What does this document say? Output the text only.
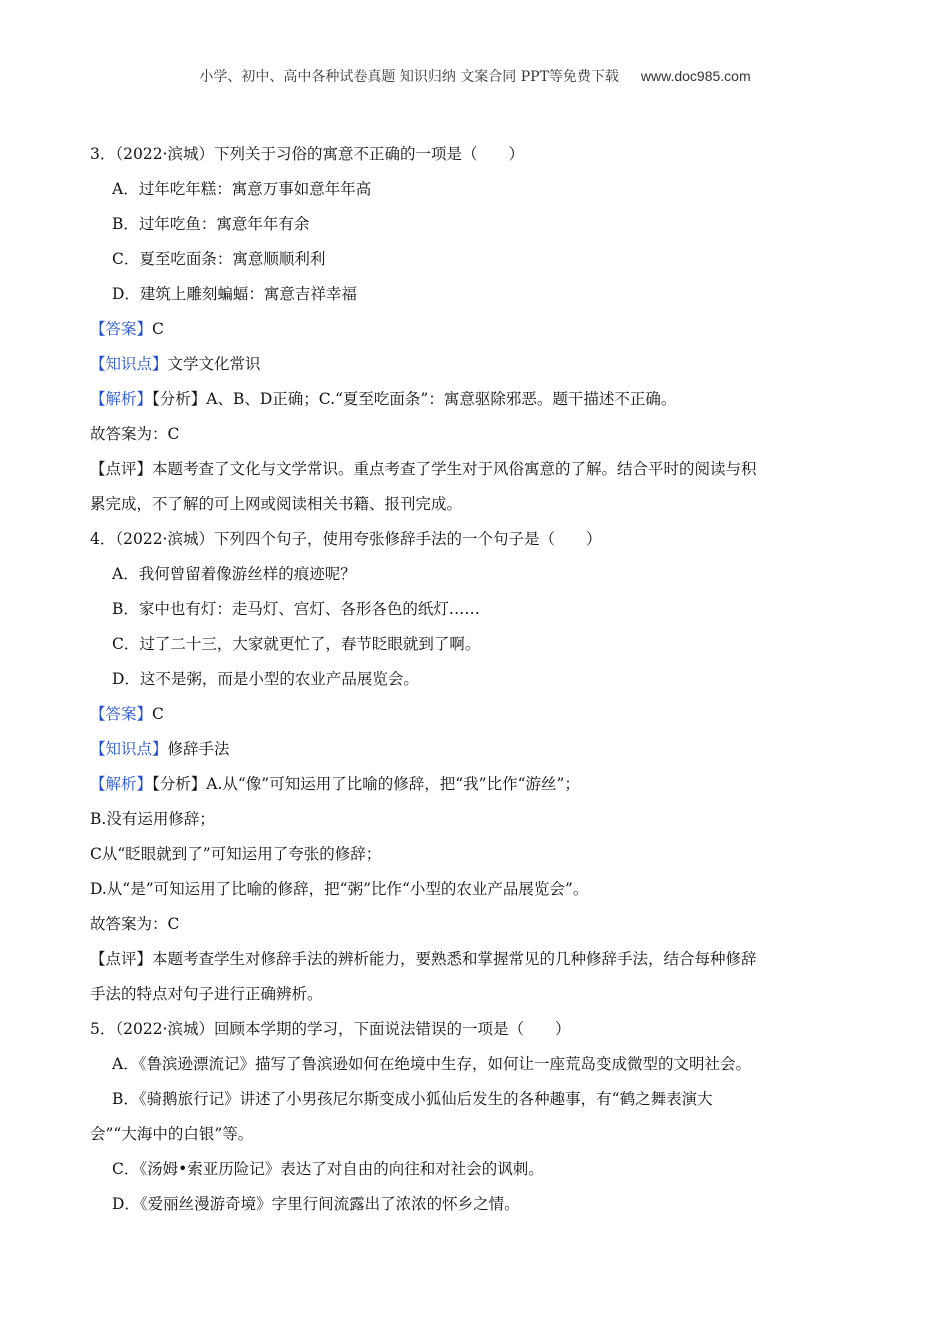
小学、初中、高中各种试卷真题 知识归纳 文案合同 PPT等免费下载 www.doc985.com
3．（2022·滨城）下列关于习俗的寓意不正确的一项是（　　）
A．过年吃年糕：寓意万事如意年年高
B．过年吃鱼：寓意年年有余
C．夏至吃面条：寓意顺顺利利
D．建筑上雕刻蝙蝠：寓意吉祥幸福
【答案】C
【知识点】文学文化常识
【解析】【分析】A、B、D正确；C.“夏至吃面条”：寓意驱除邪恶。题干描述不正确。
故答案为：C
【点评】本题考查了文化与文学常识。重点考查了学生对于风俗寓意的了解。结合平时的阅读与积
累完成，不了解的可上网或阅读相关书籍、报刊完成。
4．（2022·滨城）下列四个句子，使用夸张修辞手法的一个句子是（　　）
A．我何曾留着像游丝样的痕迹呢？
B．家中也有灯：走马灯、宫灯、各形各色的纸灯……
C．过了二十三，大家就更忙了，春节眨眼就到了啊。
D．这不是粥，而是小型的农业产品展览会。
【答案】C
【知识点】修辞手法
【解析】【分析】A.从“像”可知运用了比喻的修辞，把“我”比作“游丝”；
B.没有运用修辞；
C从“眨眼就到了”可知运用了夸张的修辞；
D.从“是”可知运用了比喻的修辞，把“粥”比作“小型的农业产品展览会”。
故答案为：C
【点评】本题考查学生对修辞手法的辨析能力，要熟悉和掌握常见的几种修辞手法，结合每种修辞
手法的特点对句子进行正确辨析。
5．（2022·滨城）回顾本学期的学习，下面说法错误的一项是（　　）
A．《鲁滨逊漂流记》描写了鲁滨逊如何在绝境中生存，如何让一座荒岛变成微型的文明社会。
B．《骑鹅旅行记》讲述了小男孩尼尔斯变成小狐仙后发生的各种趣事，有“鹤之舞表演大
会”“大海中的白银”等。
C．《汤姆•索亚历险记》表达了对自由的向往和对社会的讽刺。
D．《爱丽丝漫游奇境》字里行间流露出了浓浓的怀乡之情。
